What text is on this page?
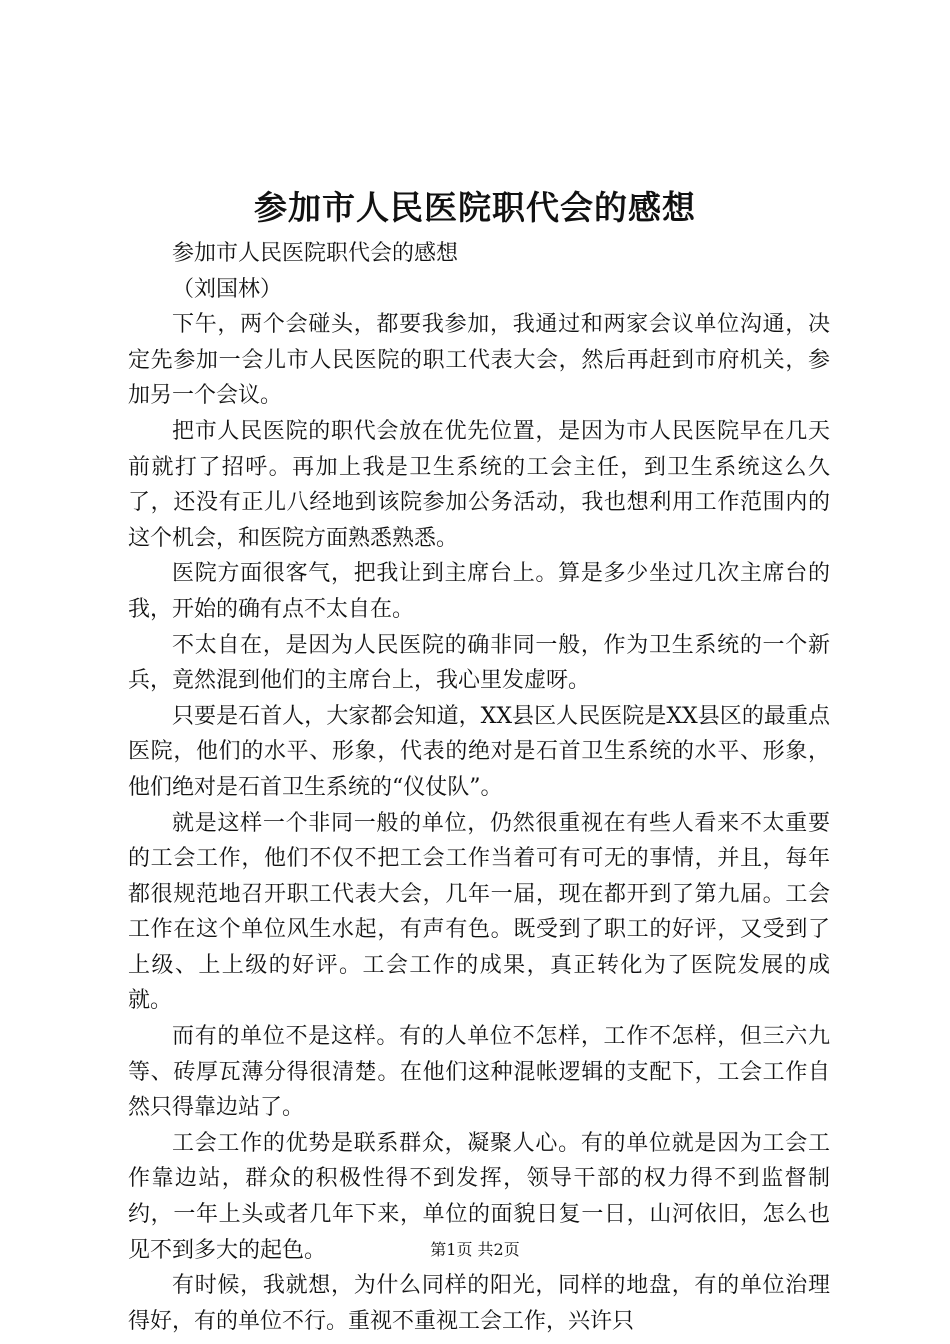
参加市人民医院职代会的感想

参加市人民医院职代会的感想

（刘国林）

下午，两个会碰头，都要我参加，我通过和两家会议单位沟通，决定先参加一会儿市人民医院的职工代表大会，然后再赶到市府机关，参加另一个会议。

把市人民医院的职代会放在优先位置，是因为市人民医院早在几天前就打了招呼。再加上我是卫生系统的工会主任，到卫生系统这么久了，还没有正儿八经地到该院参加公务活动，我也想利用工作范围内的这个机会，和医院方面熟悉熟悉。

医院方面很客气，把我让到主席台上。算是多少坐过几次主席台的我，开始的确有点不太自在。

不太自在，是因为人民医院的确非同一般，作为卫生系统的一个新兵，竟然混到他们的主席台上，我心里发虚呀。

只要是石首人，大家都会知道，XX县区人民医院是XX县区的最重点医院，他们的水平、形象，代表的绝对是石首卫生系统的水平、形象，他们绝对是石首卫生系统的“仪仗队”。

就是这样一个非同一般的单位，仍然很重视在有些人看来不太重要的工会工作，他们不仅不把工会工作当着可有可无的事情，并且，每年都很规范地召开职工代表大会，几年一届，现在都开到了第九届。工会工作在这个单位风生水起，有声有色。既受到了职工的好评，又受到了上级、上上级的好评。工会工作的成果，真正转化为了医院发展的成就。

而有的单位不是这样。有的人单位不怎样，工作不怎样，但三六九等、砖厚瓦薄分得很清楚。在他们这种混帐逻辑的支配下，工会工作自然只得靠边站了。

工会工作的优势是联系群众，凝聚人心。有的单位就是因为工会工作靠边站，群众的积极性得不到发挥，领导干部的权力得不到监督制约，一年上头或者几年下来，单位的面貌日复一日，山河依旧，怎么也见不到多大的起色。

有时候，我就想，为什么同样的阳光，同样的地盘，有的单位治理得好，有的单位不行。重视不重视工会工作，兴许只

第1页 共2页
